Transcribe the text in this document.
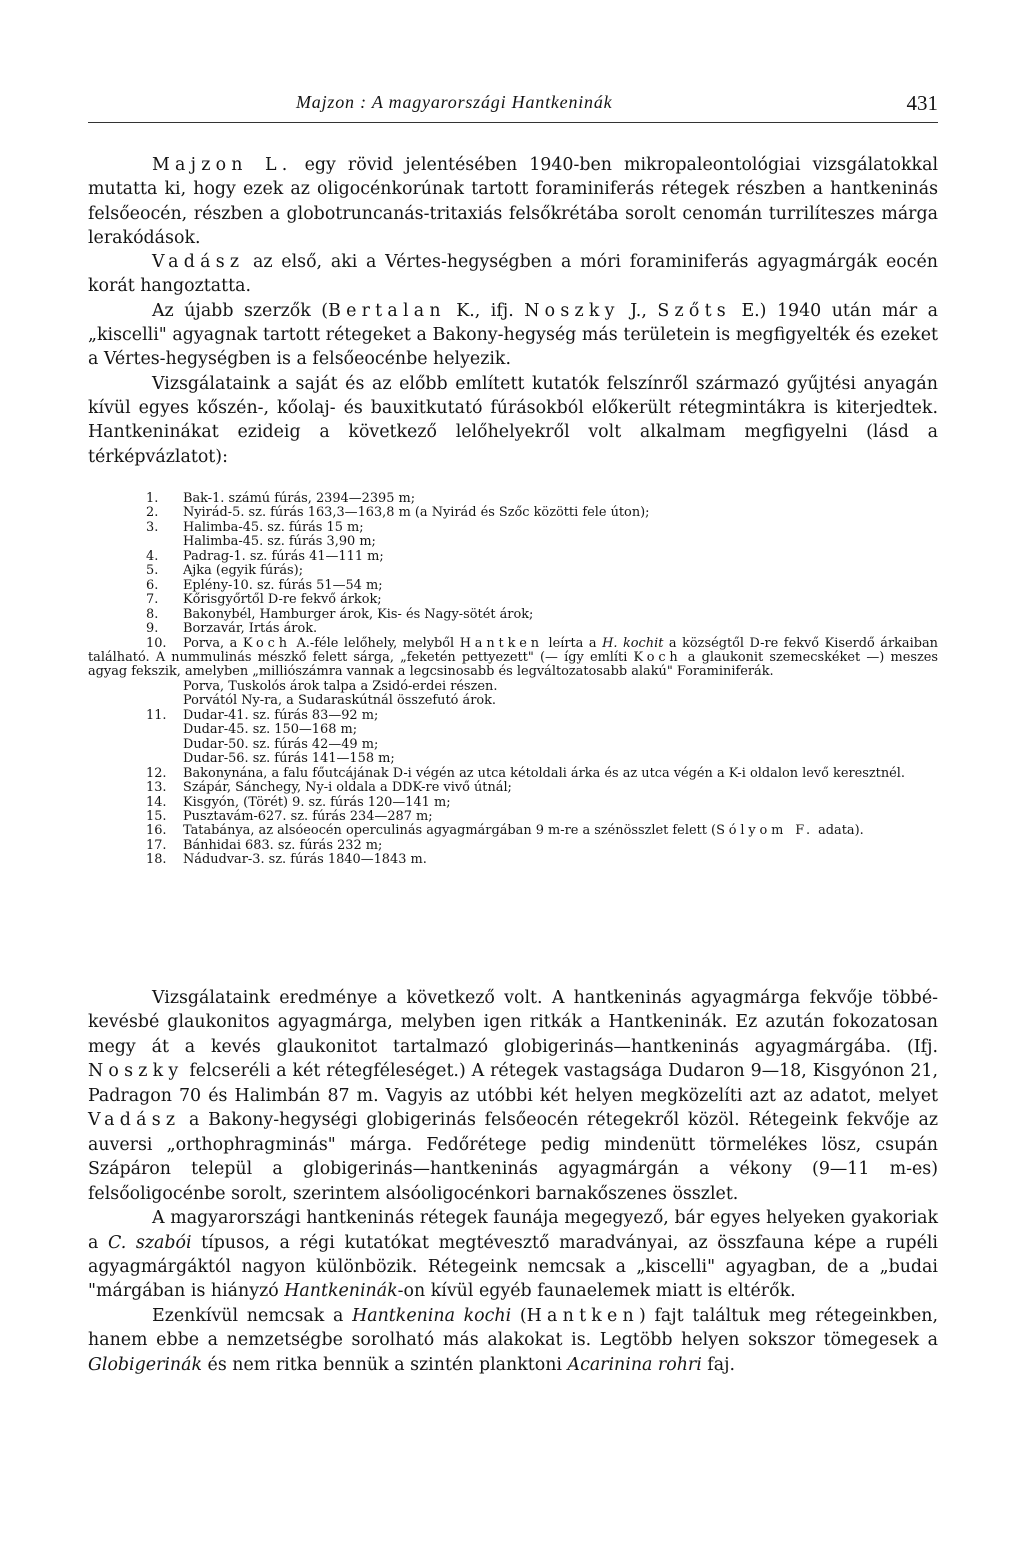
Majzon : A magyarországi Hantkeninák	431

Majzon L. egy rövid jelentésében 1940-ben mikropaleontológiai vizsgálatokkal mutatta ki, hogy ezek az oligocénkorúnak tartott foraminiferás rétegek részben a hantkeninás felsőeocén, részben a globotruncanás-tritaxiás felsőkrétába sorolt cenomán turrilíteszes márga lerakódások.

Vadász az első, aki a Vértes-hegységben a móri foraminiferás agyagmárgák eocén korát hangoztatta.

Az újabb szerzők (Bertalan K., ifj. Noszky J., Szőts E.) 1940 után már a „kiscelli" agyagnak tartott rétegeket a Bakony-hegység más területein is megfigyelték és ezeket a Vértes-hegységben is a felsőeocénbe helyezik.

Vizsgálataink a saját és az előbb említett kutatók felszínről származó gyűjtési anyagán kívül egyes kőszén-, kőolaj- és bauxitkutató fúrásokból előkerült rétegmintákra is kiterjedtek. Hantkeninákat ezideig a következő lelőhelyekről volt alkalmam megfigyelni (lásd a térképvázlatot):

1. Bak-1. számú fúrás, 2394—2395 m;
2. Nyirád-5. sz. fúrás 163,3—163,8 m (a Nyirád és Szőc közötti fele úton);
3. Halimba-45. sz. fúrás 15 m;
Halimba-45. sz. fúrás 3,90 m;
4. Padrag-1. sz. fúrás 41—111 m;
5. Ajka (egyik fúrás);
6. Eplény-10. sz. fúrás 51—54 m;
7. Kőrisgyőrtől D-re fekvő árkok;
8. Bakonybél, Hamburger árok, Kis- és Nagy-sötét árok;
9. Borzavár, Irtás árok.
10. Porva, a Koch A.-féle lelőhely, melyből Hantken leírta a H. kochit a községtől D-re fekvő Kiserdő árkaiban található. A nummulinás mészkő felett sárga, „feketén pettyezett" (— így említi Koch a glaukonit szemecskéket —) meszes agyag fekszik, amelyben „milliószámra vannak a legcsinosabb és legváltozatosabb alakú" Foraminiferák.
Porva, Tuskolós árok talpa a Zsidó-erdei részen.
Porvától Ny-ra, a Sudaraskútnál összefutó árok.
11. Dudar-41. sz. fúrás 83—92 m;
Dudar-45. sz. 150—168 m;
Dudar-50. sz. fúrás 42—49 m;
Dudar-56. sz. fúrás 141—158 m;
12. Bakonynána, a falu főutcájának D-i végén az utca kétoldali árka és az utca végén a K-i oldalon levő keresztnél.
13. Szápár, Sánchegy, Ny-i oldala a DDK-re vivő útnál;
14. Kisgyón, (Törét) 9. sz. fúrás 120—141 m;
15. Pusztavám-627. sz. fúrás 234—287 m;
16. Tatabánya, az alsóeocén operculinás agyagmárgában 9 m-re a szénösszlet felett (Sólyom F. adata).
17. Bánhidai 683. sz. fúrás 232 m;
18. Nádudvar-3. sz. fúrás 1840—1843 m.

Vizsgálataink eredménye a következő volt. A hantkeninás agyagmárga fekvője többé-kevésbé glaukonitos agyagmárga, melyben igen ritkák a Hantkeninák. Ez azután fokozatosan megy át a kevés glaukonitot tartalmazó globigerinás—hantkeninás agyagmárgába. (Ifj. Noszky felcseréli a két rétegféleséget.) A rétegek vastagsága Dudaron 9—18, Kisgyónon 21, Padragon 70 és Halimbán 87 m. Vagyis az utóbbi két helyen megközelíti azt az adatot, melyet Vadász a Bakony-hegységi globigerinás felsőeocén rétegekről közöl. Rétegeink fekvője az auversi „orthophragminás" márga. Fedőrétege pedig mindenütt törmelékes lösz, csupán Szápáron települ a globigerinás—hantkeninás agyagmárgán a vékony (9—11 m-es) felsőoligocénbe sorolt, szerintem alsóoligocénkori barnakőszenes összlet.

A magyarországi hantkeninás rétegek faunája megegyező, bár egyes helyeken gyakoriak a C. szabói típusos, a régi kutatókat megtévesztő maradványai, az összfauna képe a rupéli agyagmárgáktól nagyon különbözik. Rétegeink nemcsak a „kiscelli" agyagban, de a „budai "márgában is hiányzó Hantkeninák-on kívül egyéb faunaelemek miatt is eltérők.

Ezenkívül nemcsak a Hantkenina kochi (Hantken) fajt találtuk meg rétegeinkben, hanem ebbe a nemzetségbe sorolható más alakokat is. Legtöbb helyen sokszor tömegesek a Globigerinák és nem ritka bennük a szintén planktoni Acarinina rohri faj.
